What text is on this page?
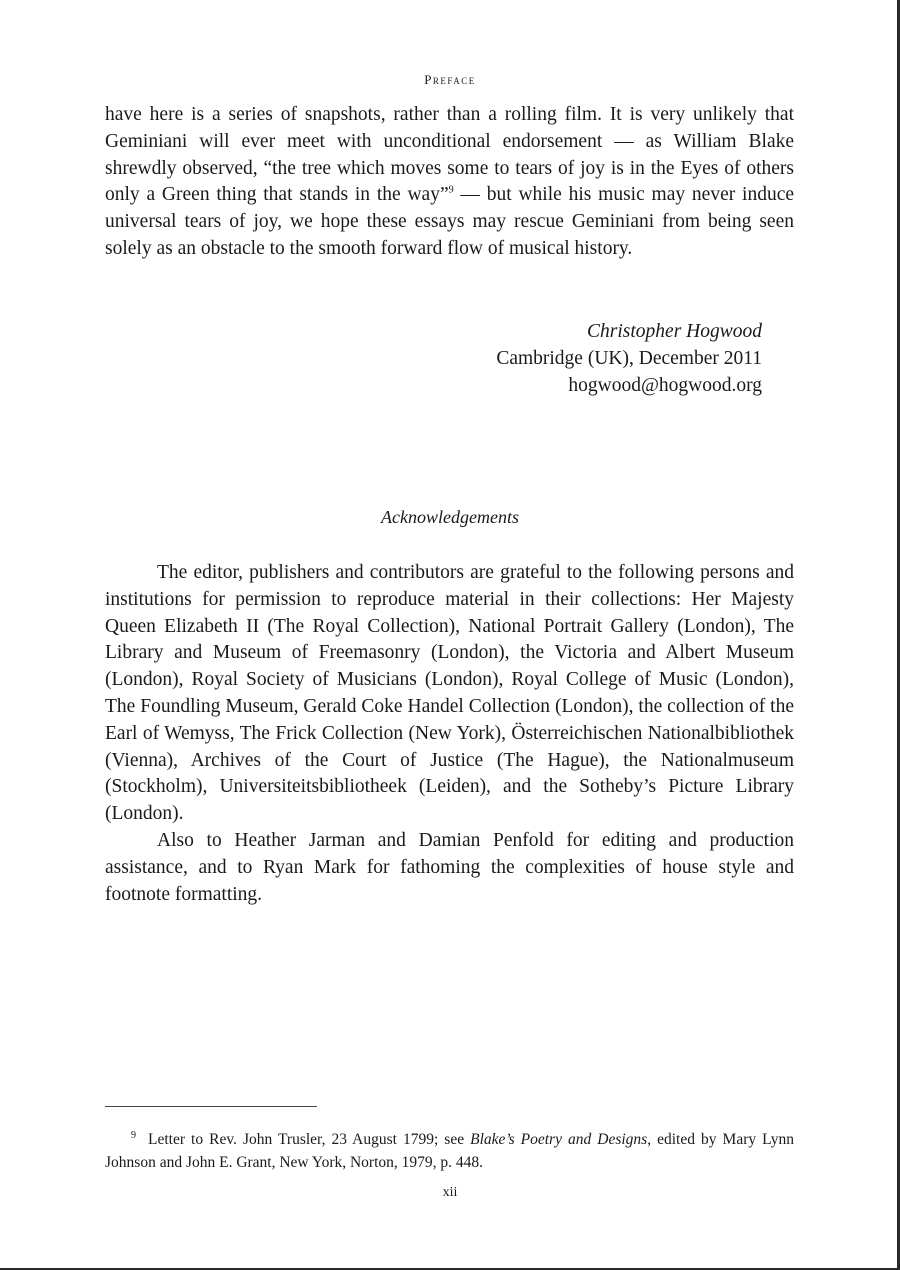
Preface
have here is a series of snapshots, rather than a rolling film. It is very unlikely that Geminiani will ever meet with unconditional endorsement — as William Blake shrewdly observed, “the tree which moves some to tears of joy is in the Eyes of others only a Green thing that stands in the way”$^9$ — but while his music may never induce universal tears of joy, we hope these essays may rescue Geminiani from being seen solely as an obstacle to the smooth forward flow of musical history.
Christopher Hogwood
Cambridge (UK), December 2011
hogwood@hogwood.org
Acknowledgements

The editor, publishers and contributors are grateful to the following persons and institutions for permission to reproduce material in their collections: Her Majesty Queen Elizabeth II (The Royal Collection), National Portrait Gallery (London), The Library and Museum of Freemasonry (London), the Victoria and Albert Museum (London), Royal Society of Musicians (London), Royal College of Music (London), The Foundling Museum, Gerald Coke Handel Collection (London), the collection of the Earl of Wemyss, The Frick Collection (New York), Österreichischen Nationalbibliothek (Vienna), Archives of the Court of Justice (The Hague), the Nationalmuseum (Stockholm), Universiteitsbibliotheek (Leiden), and the Sotheby’s Picture Library (London).

Also to Heather Jarman and Damian Penfold for editing and production assistance, and to Ryan Mark for fathoming the complexities of house style and footnote formatting.

$^9$ Letter to Rev. John Trusler, 23 August 1799; see Blake’s Poetry and Designs, edited by Mary Lynn Johnson and John E. Grant, New York, Norton, 1979, p. 448.
xii
